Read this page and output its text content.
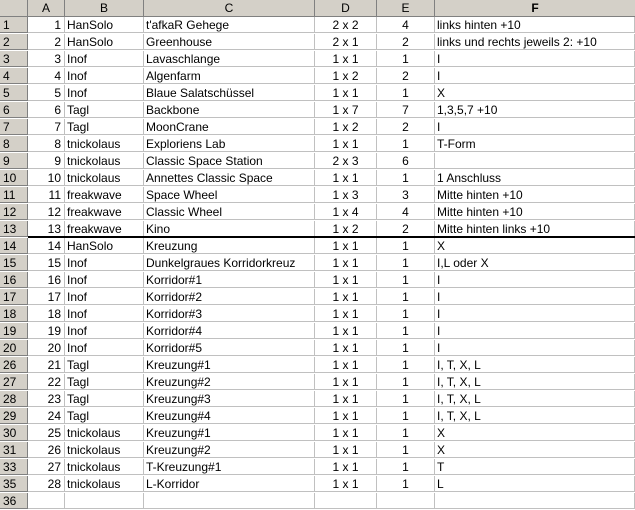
A	B	C	D	E	F
1	1 HanSolo	t'afkaR Gehege	2 x 2	4	links hinten +10
2	2 HanSolo	Greenhouse	2 x 1	2	links und rechts jeweils 2: +10
3	3 Inof	Lavaschlange	1 x 1	1	I
4	4 Inof	Algenfarm	1 x 2	2	I
5	5 Inof	Blaue Salatschüssel	1 x 1	1	X
6	6 Tagl	Backbone	1 x 7	7	1,3,5,7 +10
7	7 Tagl	MoonCrane	1 x 2	2	I
8	8 tnickolaus	Exploriens Lab	1 x 1	1	T-Form
9	9 tnickolaus	Classic Space Station	2 x 3	6
10	10 tnickolaus	Annettes Classic Space	1 x 1	1	1 Anschluss
11	11 freakwave	Space Wheel	1 x 3	3	Mitte hinten +10
12	12 freakwave	Classic Wheel	1 x 4	4	Mitte hinten +10
13	13 freakwave	Kino	1 x 2	2	Mitte hinten links +10
14	14 HanSolo	Kreuzung	1 x 1	1	X
15	15 Inof	Dunkelgraues Korridorkreuz	1 x 1	1	I,L oder X
16	16 Inof	Korridor#1	1 x 1	1	I
17	17 Inof	Korridor#2	1 x 1	1	I
18	18 Inof	Korridor#3	1 x 1	1	I
19	19 Inof	Korridor#4	1 x 1	1	I
20	20 Inof	Korridor#5	1 x 1	1	I
26	21 Tagl	Kreuzung#1	1 x 1	1	I, T, X, L
27	22 Tagl	Kreuzung#2	1 x 1	1	I, T, X, L
28	23 Tagl	Kreuzung#3	1 x 1	1	I, T, X, L
29	24 Tagl	Kreuzung#4	1 x 1	1	I, T, X, L
30	25 tnickolaus	Kreuzung#1	1 x 1	1	X
31	26 tnickolaus	Kreuzung#2	1 x 1	1	X
33	27 tnickolaus	T-Kreuzung#1	1 x 1	1	T
35	28 tnickolaus	L-Korridor	1 x 1	1	L
36
